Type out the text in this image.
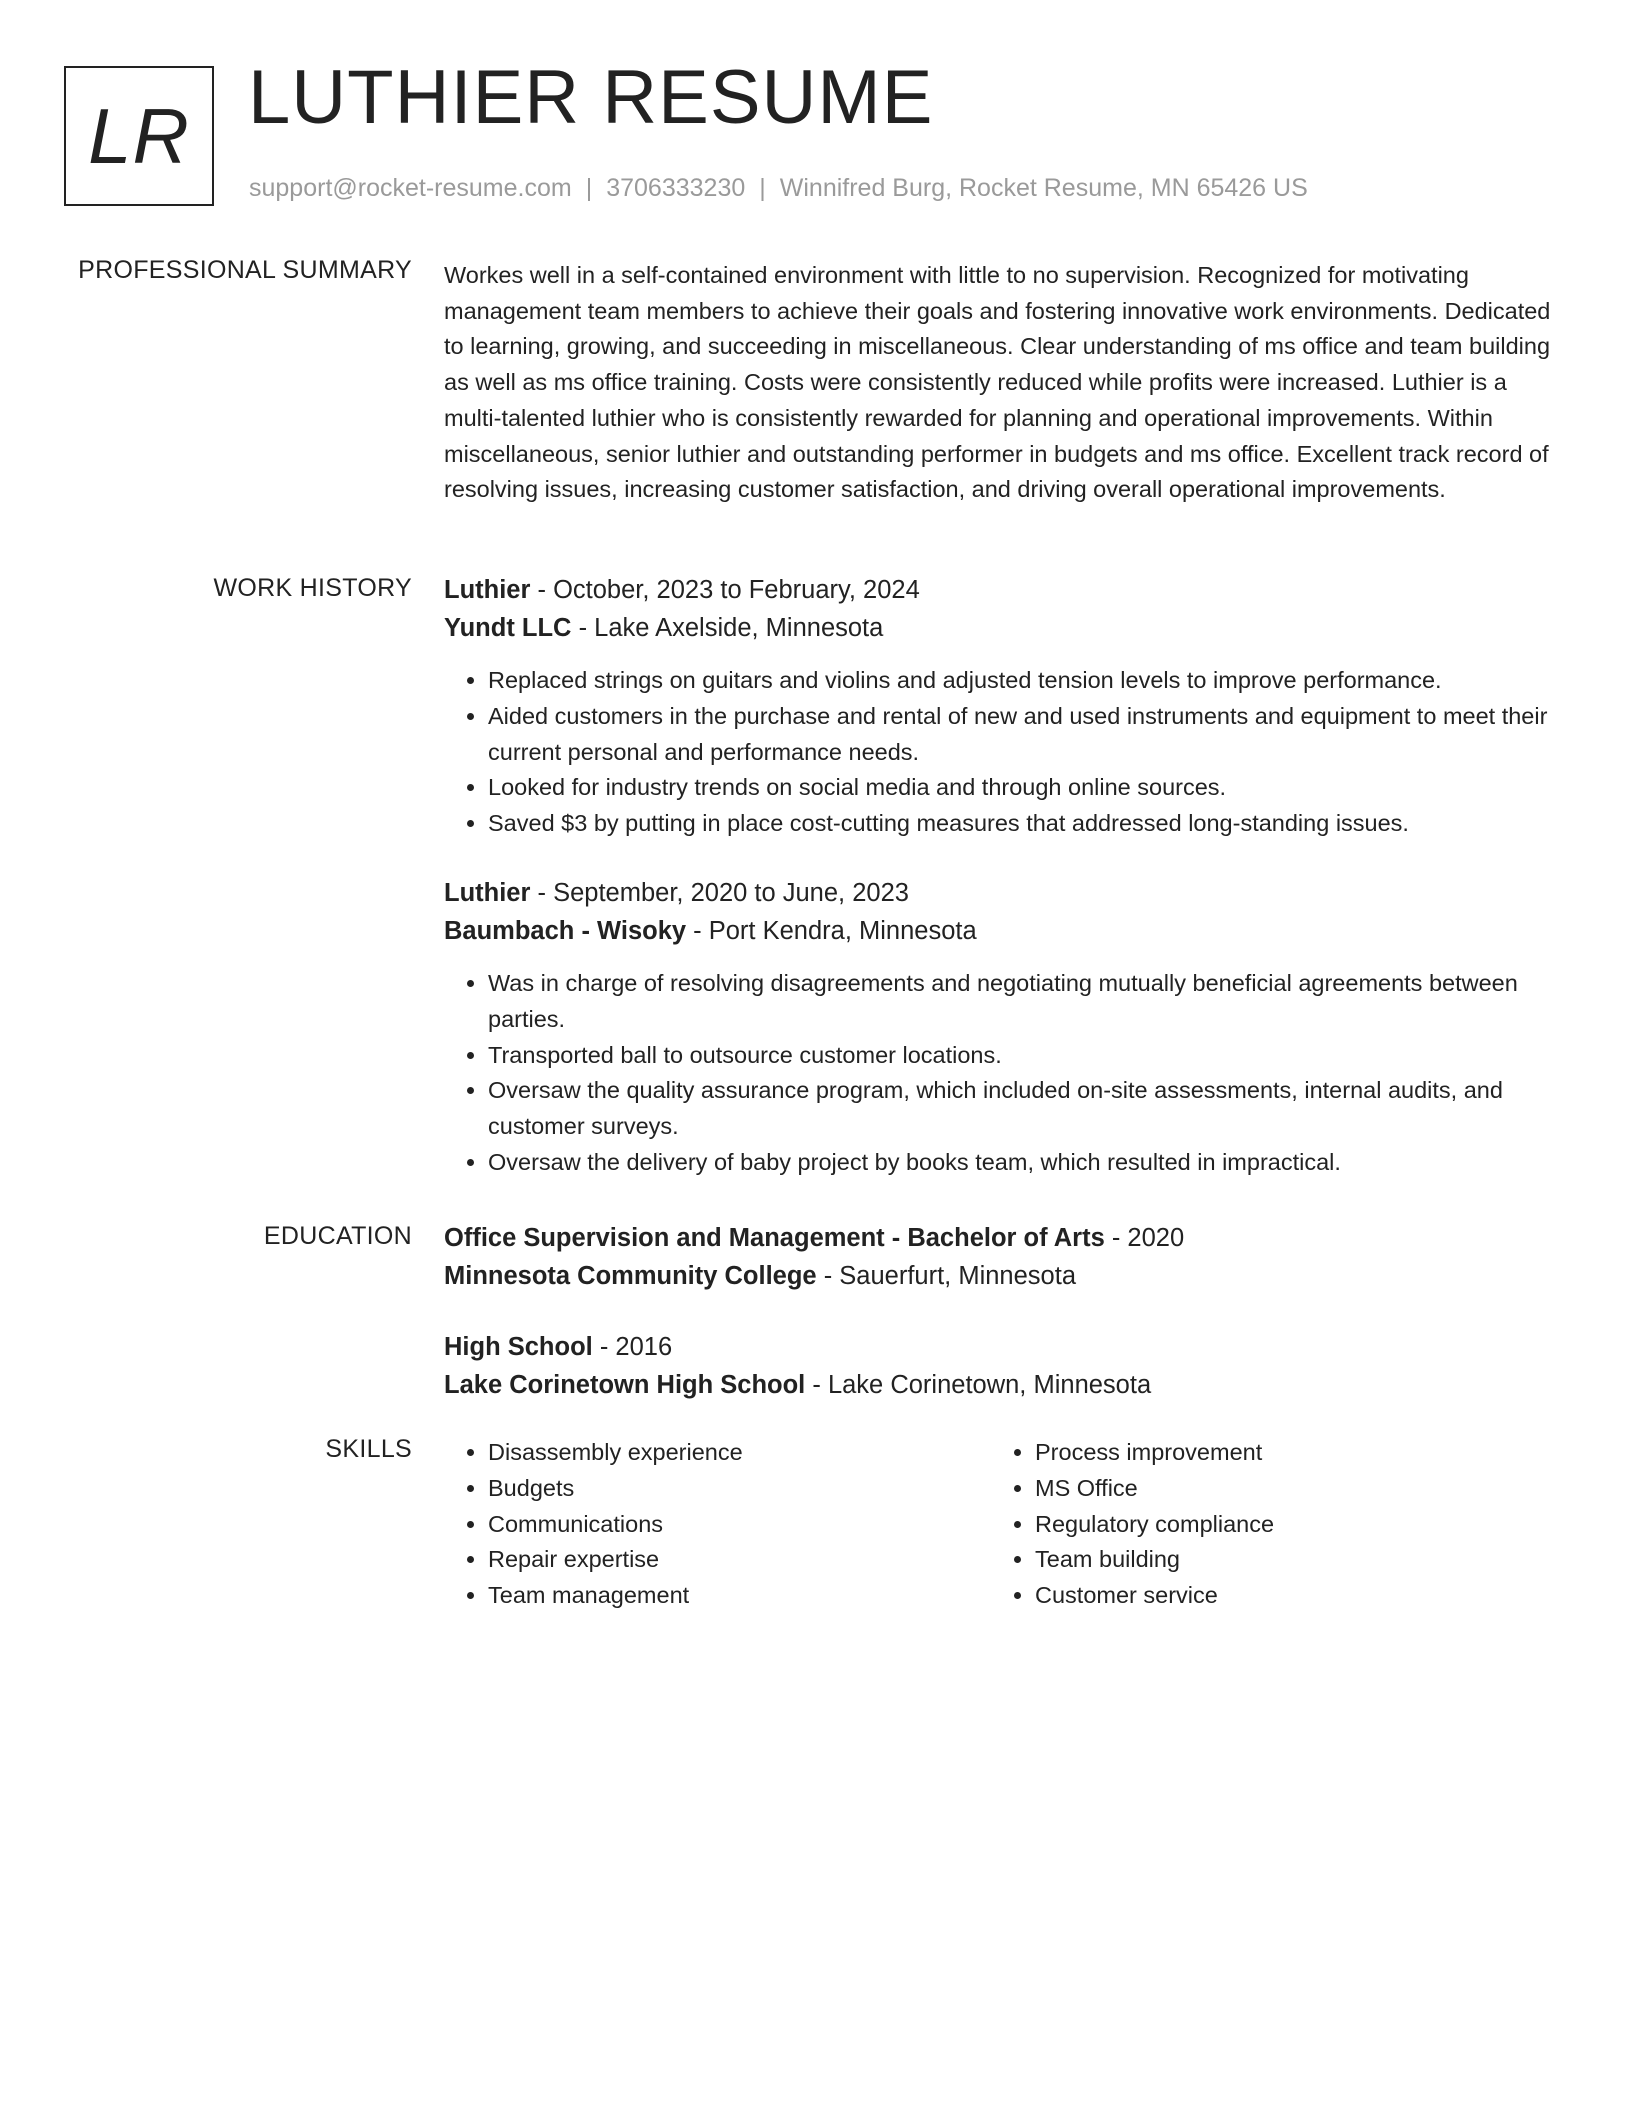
LR LUTHIER RESUME
support@rocket-resume.com | 3706333230 | Winnifred Burg, Rocket Resume, MN 65426 US
PROFESSIONAL SUMMARY Workes well in a self-contained environment with little to no supervision. Recognized for motivating management team members to achieve their goals and fostering innovative work environments. Dedicated to learning, growing, and succeeding in miscellaneous. Clear understanding of ms office and team building as well as ms office training. Costs were consistently reduced while profits were increased. Luthier is a multi-talented luthier who is consistently rewarded for planning and operational improvements. Within miscellaneous, senior luthier and outstanding performer in budgets and ms office. Excellent track record of resolving issues, increasing customer satisfaction, and driving overall operational improvements.

WORK HISTORY Luthier - October, 2023 to February, 2024

Yundt LLC - Lake Axelside, Minnesota

• Replaced strings on guitars and violins and adjusted tension levels to improve performance.
• Aided customers in the purchase and rental of new and used instruments and equipment to meet their current personal and performance needs.
• Looked for industry trends on social media and through online sources.
• Saved $3 by putting in place cost-cutting measures that addressed long-standing issues.

Luthier - September, 2020 to June, 2023

Baumbach - Wisoky - Port Kendra, Minnesota

• Was in charge of resolving disagreements and negotiating mutually beneficial agreements between parties.
• Transported ball to outsource customer locations.
• Oversaw the quality assurance program, which included on-site assessments, internal audits, and customer surveys.
• Oversaw the delivery of baby project by books team, which resulted in impractical.
EDUCATION Office Supervision and Management - Bachelor of Arts - 2020

Minnesota Community College - Sauerfurt, Minnesota

High School - 2016

Lake Corinetown High School - Lake Corinetown, Minnesota

SKILLS
•	Disassembly experience
• Budgets
• Communications
• Repair expertise
• Team management
• Process improvement
• MS Office
• Regulatory compliance
• Team building
• Customer service
